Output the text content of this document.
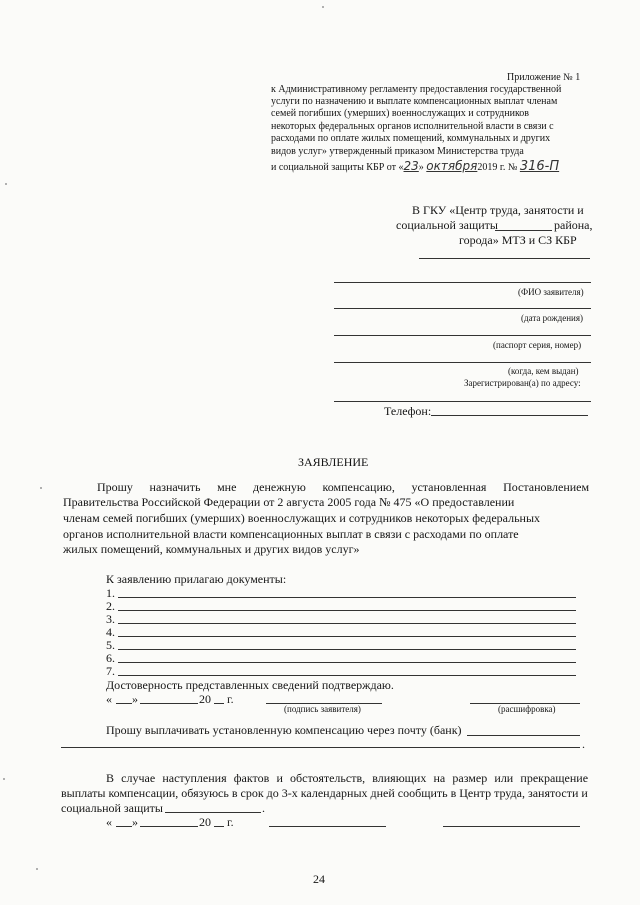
Приложение № 1
к Административному регламенту предоставления государственной
услуги по назначению и выплате компенсационных выплат членам
семей погибших (умерших) военнослужащих и сотрудников
некоторых федеральных органов исполнительной власти в связи с
расходами по оплате жилых помещений, коммунальных и других
видов услуг» утвержденный приказом Министерства труда
и социальной защиты КБР от «23» октября2019 г. № 316-П
В ГКУ «Центр труда, занятости и
социальной защиты	района,
города» МТЗ и СЗ КБР
(ФИО заявителя)
(дата рождения)
(паспорт серия, номер)
(когда, кем выдан)
Зарегистрирован(а) по адресу:
Телефон:
ЗАЯВЛЕНИЕ
Прошу назначить мне денежную компенсацию, установленная Постановлением
Правительства Российской Федерации от 2 августа 2005 года № 475 «О предоставлении
членам семей погибших (умерших) военнослужащих и сотрудников некоторых федеральных
органов исполнительной власти компенсационных выплат в связи с расходами по оплате
жилых помещений, коммунальных и других видов услуг»
К заявлению прилагаю документы:
1.
2.
3.
4.
5.
6.
7.
Достоверность представленных сведений подтверждаю.
« »	20 г.
(подпись заявителя)	(расшифровка)
Прошу выплачивать установленную компенсацию через почту (банк)
.
В случае наступления фактов и обстоятельств, влияющих на размер или прекращение
выплаты компенсации, обязуюсь в срок до 3-х календарных дней сообщить в Центр труда, занятости и
социальной защиты	.
« »	20 г.
24
